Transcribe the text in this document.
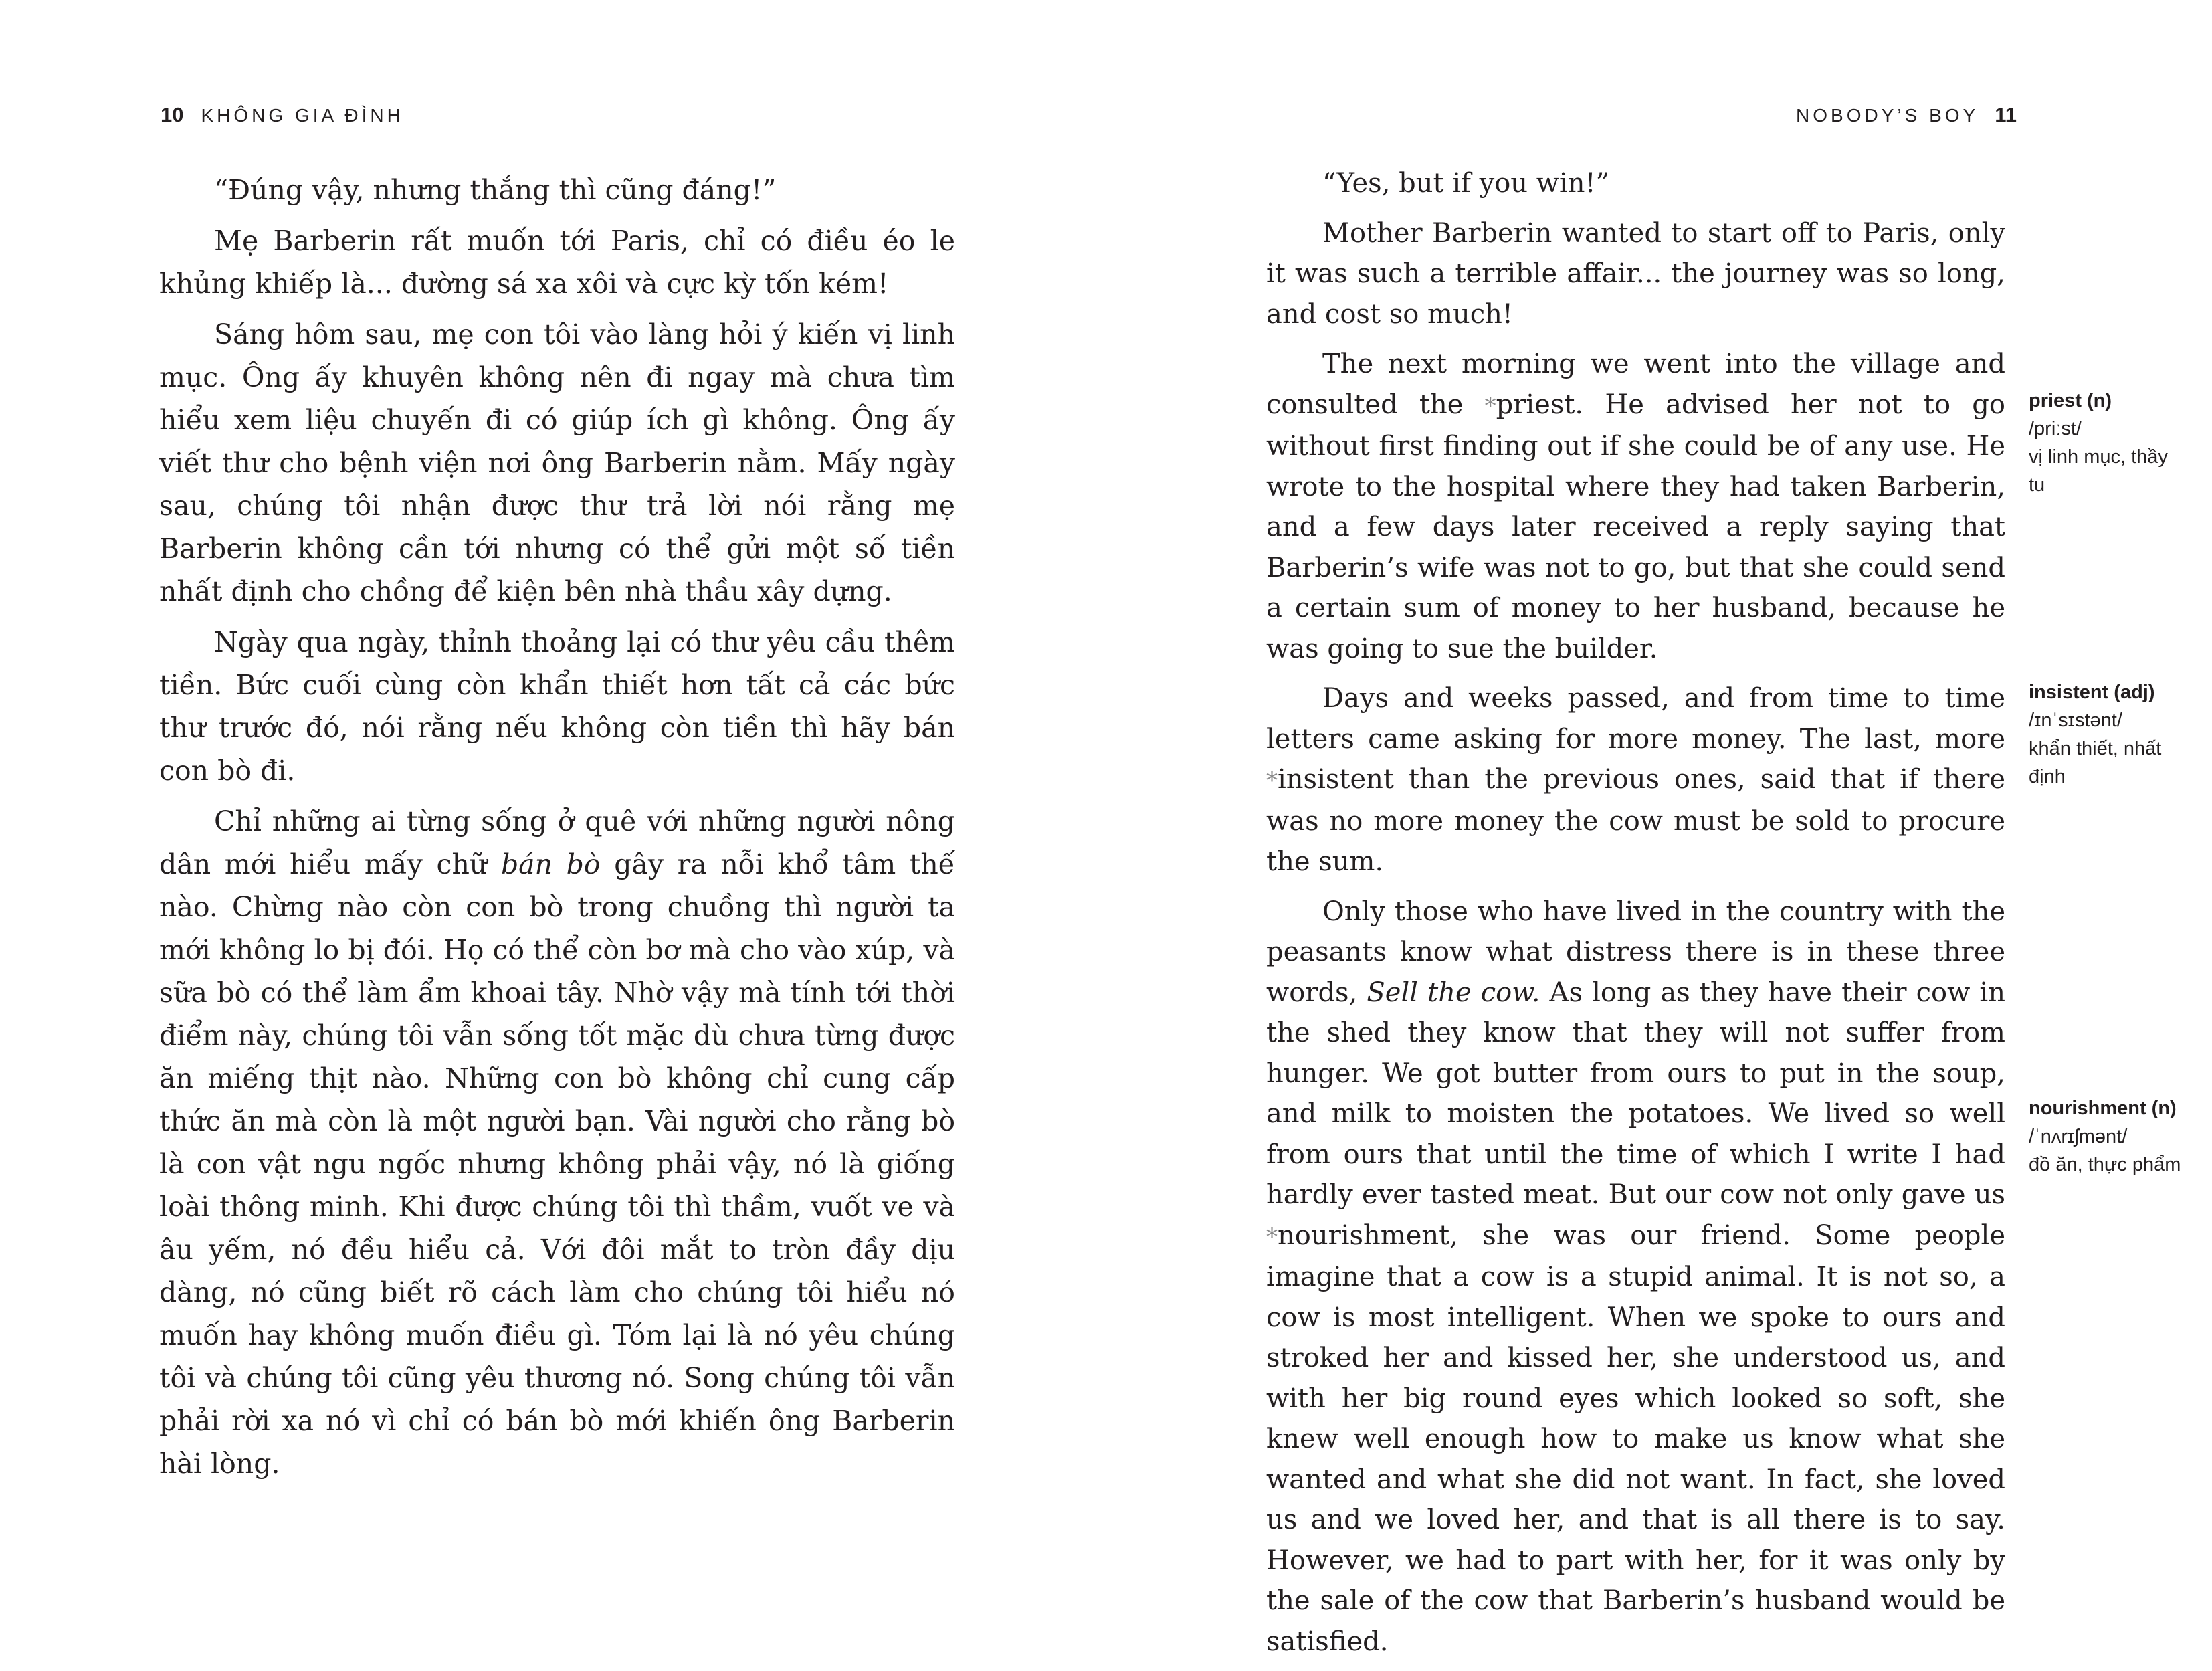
10 KHÔNG GIA ĐÌNH	NOBODY’S BOY 11

“Đúng vậy, nhưng thắng thì cũng đáng!”

Mẹ Barberin rất muốn tới Paris, chỉ có điều éo le khủng khiếp là... đường sá xa xôi và cực kỳ tốn kém!

Sáng hôm sau, mẹ con tôi vào làng hỏi ý kiến vị linh mục. Ông ấy khuyên không nên đi ngay mà chưa tìm hiểu xem liệu chuyến đi có giúp ích gì không. Ông ấy viết thư cho bệnh viện nơi ông Barberin nằm. Mấy ngày sau, chúng tôi nhận được thư trả lời nói rằng mẹ Barberin không cần tới nhưng có thể gửi một số tiền nhất định cho chồng để kiện bên nhà thầu xây dựng.

Ngày qua ngày, thỉnh thoảng lại có thư yêu cầu thêm tiền. Bức cuối cùng còn khẩn thiết hơn tất cả các bức thư trước đó, nói rằng nếu không còn tiền thì hãy bán con bò đi.

Chỉ những ai từng sống ở quê với những người nông dân mới hiểu mấy chữ bán bò gây ra nỗi khổ tâm thế nào. Chừng nào còn con bò trong chuồng thì người ta mới không lo bị đói. Họ có thể còn bơ mà cho vào xúp, và sữa bò có thể làm ẩm khoai tây. Nhờ vậy mà tính tới thời điểm này, chúng tôi vẫn sống tốt mặc dù chưa từng được ăn miếng thịt nào. Những con bò không chỉ cung cấp thức ăn mà còn là một người bạn. Vài người cho rằng bò là con vật ngu ngốc nhưng không phải vậy, nó là giống loài thông minh. Khi được chúng tôi thì thầm, vuốt ve và âu yếm, nó đều hiểu cả. Với đôi mắt to tròn đầy dịu dàng, nó cũng biết rõ cách làm cho chúng tôi hiểu nó muốn hay không muốn điều gì. Tóm lại là nó yêu chúng tôi và chúng tôi cũng yêu thương nó. Song chúng tôi vẫn phải rời xa nó vì chỉ có bán bò mới khiến ông Barberin hài lòng.

“Yes, but if you win!”

Mother Barberin wanted to start off to Paris, only it was such a terrible affair... the journey was so long, and cost so much!

The next morning we went into the village and consulted the *priest. He advised her not to go without first finding out if she could be of any use. He wrote to the hospital where they had taken Barberin, and a few days later received a reply saying that Barberin’s wife was not to go, but that she could send a certain sum of money to her husband, because he was going to sue the builder.

Days and weeks passed, and from time to time letters came asking for more money. The last, more *insistent than the previous ones, said that if there was no more money the cow must be sold to procure the sum.

Only those who have lived in the country with the peasants know what distress there is in these three words, Sell the cow. As long as they have their cow in the shed they know that they will not suffer from hunger. We got butter from ours to put in the soup, and milk to moisten the potatoes. We lived so well from ours that until the time of which I write I had hardly ever tasted meat. But our cow not only gave us *nourishment, she was our friend. Some people imagine that a cow is a stupid animal. It is not so, a cow is most intelligent. When we spoke to ours and stroked her and kissed her, she understood us, and with her big round eyes which looked so soft, she knew well enough how to make us know what she wanted and what she did not want. In fact, she loved us and we loved her, and that is all there is to say. However, we had to part with her, for it was only by the sale of the cow that Barberin’s husband would be satisfied.

priest (n)
/priːst/
vị linh mục, thầy tu
insistent (adj)
/ɪnˈsɪstənt/
khẩn thiết, nhất định
nourishment (n)
/ˈnʌrɪʃmənt/
đồ ăn, thực phẩm
